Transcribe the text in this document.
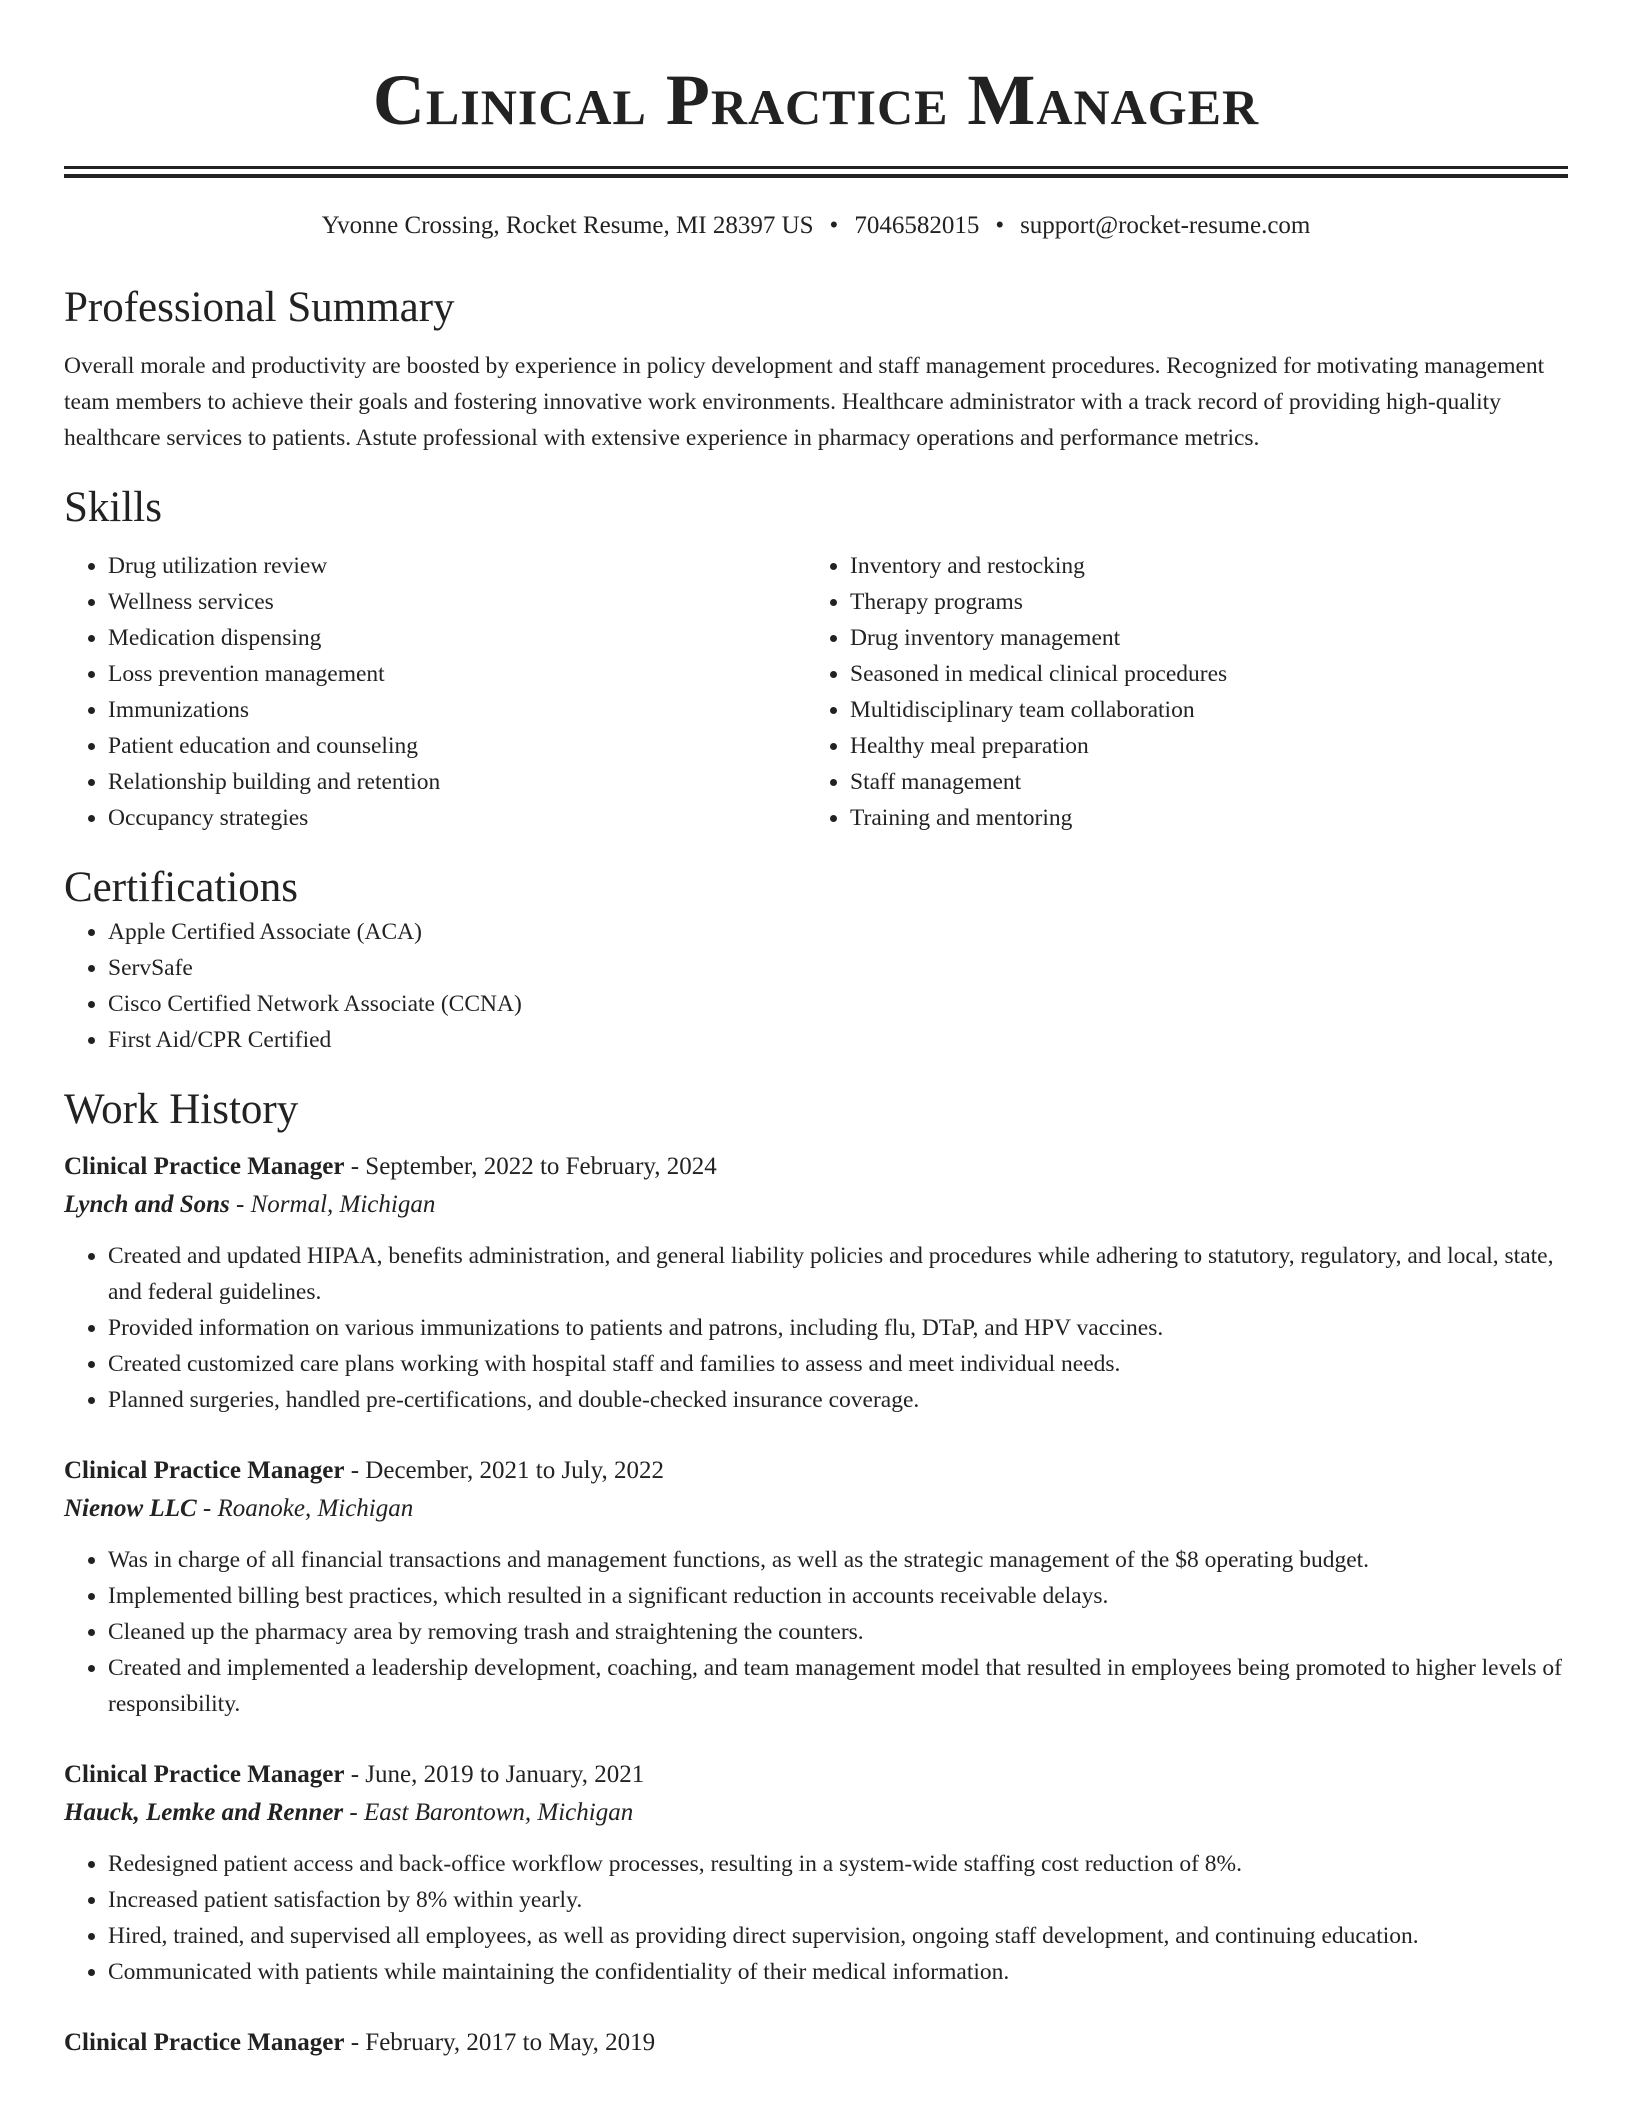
Clinical Practice Manager
Yvonne Crossing, Rocket Resume, MI 28397 US • 7046582015 • support@rocket-resume.com
Professional Summary

Overall morale and productivity are boosted by experience in policy development and staff management procedures. Recognized for motivating management team members to achieve their goals and fostering innovative work environments. Healthcare administrator with a track record of providing high-quality healthcare services to patients. Astute professional with extensive experience in pharmacy operations and performance metrics.

Skills
• Drug utilization review
• Wellness services
• Medication dispensing
• Loss prevention management
• Immunizations
• Patient education and counseling
• Relationship building and retention
• Occupancy strategies
• Inventory and restocking
• Therapy programs
• Drug inventory management
• Seasoned in medical clinical procedures
• Multidisciplinary team collaboration
• Healthy meal preparation
• Staff management
• Training and mentoring
Certifications
• Apple Certified Associate (ACA)
• ServSafe
• Cisco Certified Network Associate (CCNA)
• First Aid/CPR Certified
Work History
Clinical Practice Manager - September, 2022 to February, 2024
Lynch and Sons - Normal, Michigan
• Created and updated HIPAA, benefits administration, and general liability policies and procedures while adhering to statutory, regulatory, and local, state, and federal guidelines.
• Provided information on various immunizations to patients and patrons, including flu, DTaP, and HPV vaccines.
• Created customized care plans working with hospital staff and families to assess and meet individual needs.
• Planned surgeries, handled pre-certifications, and double-checked insurance coverage.
Clinical Practice Manager - December, 2021 to July, 2022
Nienow LLC - Roanoke, Michigan
• Was in charge of all financial transactions and management functions, as well as the strategic management of the $8 operating budget.
• Implemented billing best practices, which resulted in a significant reduction in accounts receivable delays.
• Cleaned up the pharmacy area by removing trash and straightening the counters.
• Created and implemented a leadership development, coaching, and team management model that resulted in employees being promoted to higher levels of responsibility.
Clinical Practice Manager - June, 2019 to January, 2021
Hauck, Lemke and Renner - East Barontown, Michigan
• Redesigned patient access and back-office workflow processes, resulting in a system-wide staffing cost reduction of 8%.
• Increased patient satisfaction by 8% within yearly.
• Hired, trained, and supervised all employees, as well as providing direct supervision, ongoing staff development, and continuing education.
• Communicated with patients while maintaining the confidentiality of their medical information.
Clinical Practice Manager - February, 2017 to May, 2019
